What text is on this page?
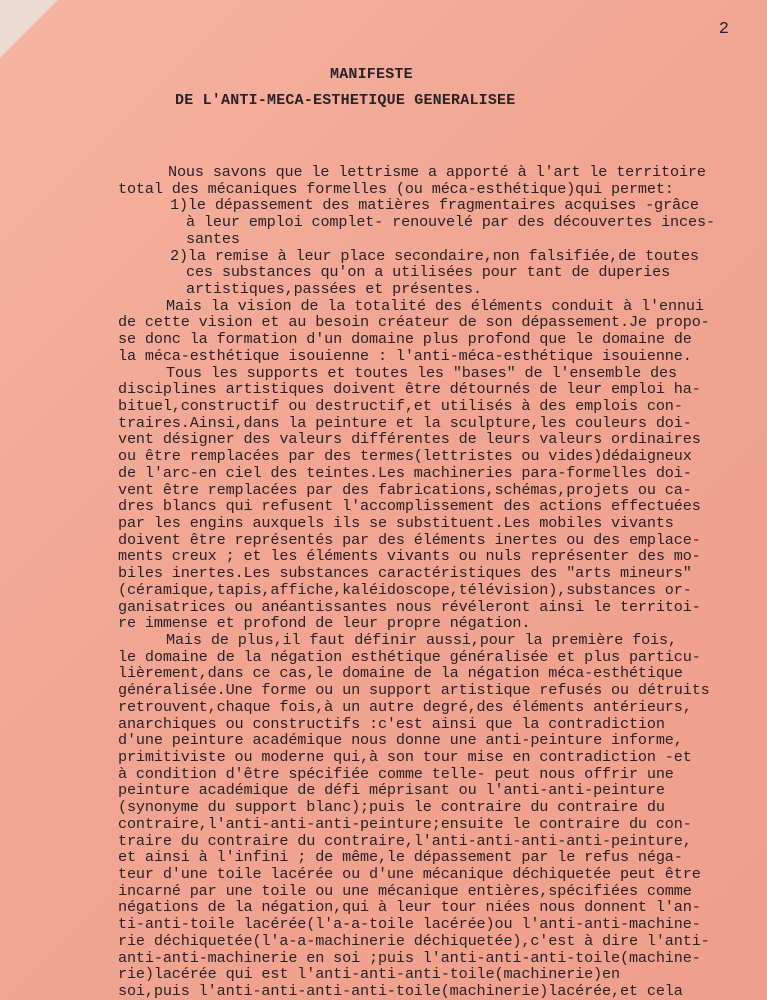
2
MANIFESTE
DE L'ANTI-MECA-ESTHETIQUE GENERALISEE
Nous savons que le lettrisme a apporté à l'art le territoire
total des mécaniques formelles (ou méca-esthétique)qui permet:
1)le dépassement des matières fragmentaires acquises -grâce
à leur emploi complet- renouvelé par des découvertes inces-
santes
2)la remise à leur place secondaire,non falsifiée,de toutes
ces substances qu'on a utilisées pour tant de duperies
artistiques,passées et présentes.
Mais la vision de la totalité des éléments conduit à l'ennui
de cette vision et au besoin créateur de son dépassement.Je propo-
se donc la formation d'un domaine plus profond que le domaine de
la méca-esthétique isouienne : l'anti-méca-esthétique isouienne.
Tous les supports et toutes les "bases" de l'ensemble des
disciplines artistiques doivent être détournés de leur emploi ha-
bituel,constructif ou destructif,et utilisés à des emplois con-
traires.Ainsi,dans la peinture et la sculpture,les couleurs doi-
vent désigner des valeurs différentes de leurs valeurs ordinaires
ou être remplacées par des termes(lettristes ou vides)dédaigneux
de l'arc-en ciel des teintes.Les machineries para-formelles doi-
vent être remplacées par des fabrications,schémas,projets ou ca-
dres blancs qui refusent l'accomplissement des actions effectuées
par les engins auxquels ils se substituent.Les mobiles vivants
doivent être représentés par des éléments inertes ou des emplace-
ments creux ; et les éléments vivants ou nuls représenter des mo-
biles inertes.Les substances caractéristiques des "arts mineurs"
(céramique,tapis,affiche,kaléidoscope,télévision),substances or-
ganisatrices ou anéantissantes nous révéleront ainsi le territoi-
re immense et profond de leur propre négation.
Mais de plus,il faut définir aussi,pour la première fois,
le domaine de la négation esthétique généralisée et plus particu-
lièrement,dans ce cas,le domaine de la négation méca-esthétique
généralisée.Une forme ou un support artistique refusés ou détruits
retrouvent,chaque fois,à un autre degré,des éléments antérieurs,
anarchiques ou constructifs :c'est ainsi que la contradiction
d'une peinture académique nous donne une anti-peinture informe,
primitiviste ou moderne qui,à son tour mise en contradiction -et
à condition d'être spécifiée comme telle- peut nous offrir une
peinture académique de défi méprisant ou l'anti-anti-peinture
(synonyme du support blanc);puis le contraire du contraire du
contraire,l'anti-anti-anti-peinture;ensuite le contraire du con-
traire du contraire du contraire,l'anti-anti-anti-anti-peinture,
et ainsi à l'infini ; de même,le dépassement par le refus néga-
teur d'une toile lacérée ou d'une mécanique déchiquetée peut être
incarné par une toile ou une mécanique entières,spécifiées comme
négations de la négation,qui à leur tour niées nous donnent l'an-
ti-anti-toile lacérée(l'a-a-toile lacérée)ou l'anti-anti-machine-
rie déchiquetée(l'a-a-machinerie déchiquetée),c'est à dire l'anti-
anti-anti-machinerie en soi ;puis l'anti-anti-anti-toile(machine-
rie)lacérée qui est l'anti-anti-anti-toile(machinerie)en
soi,puis l'anti-anti-anti-anti-toile(machinerie)lacérée,et cela
